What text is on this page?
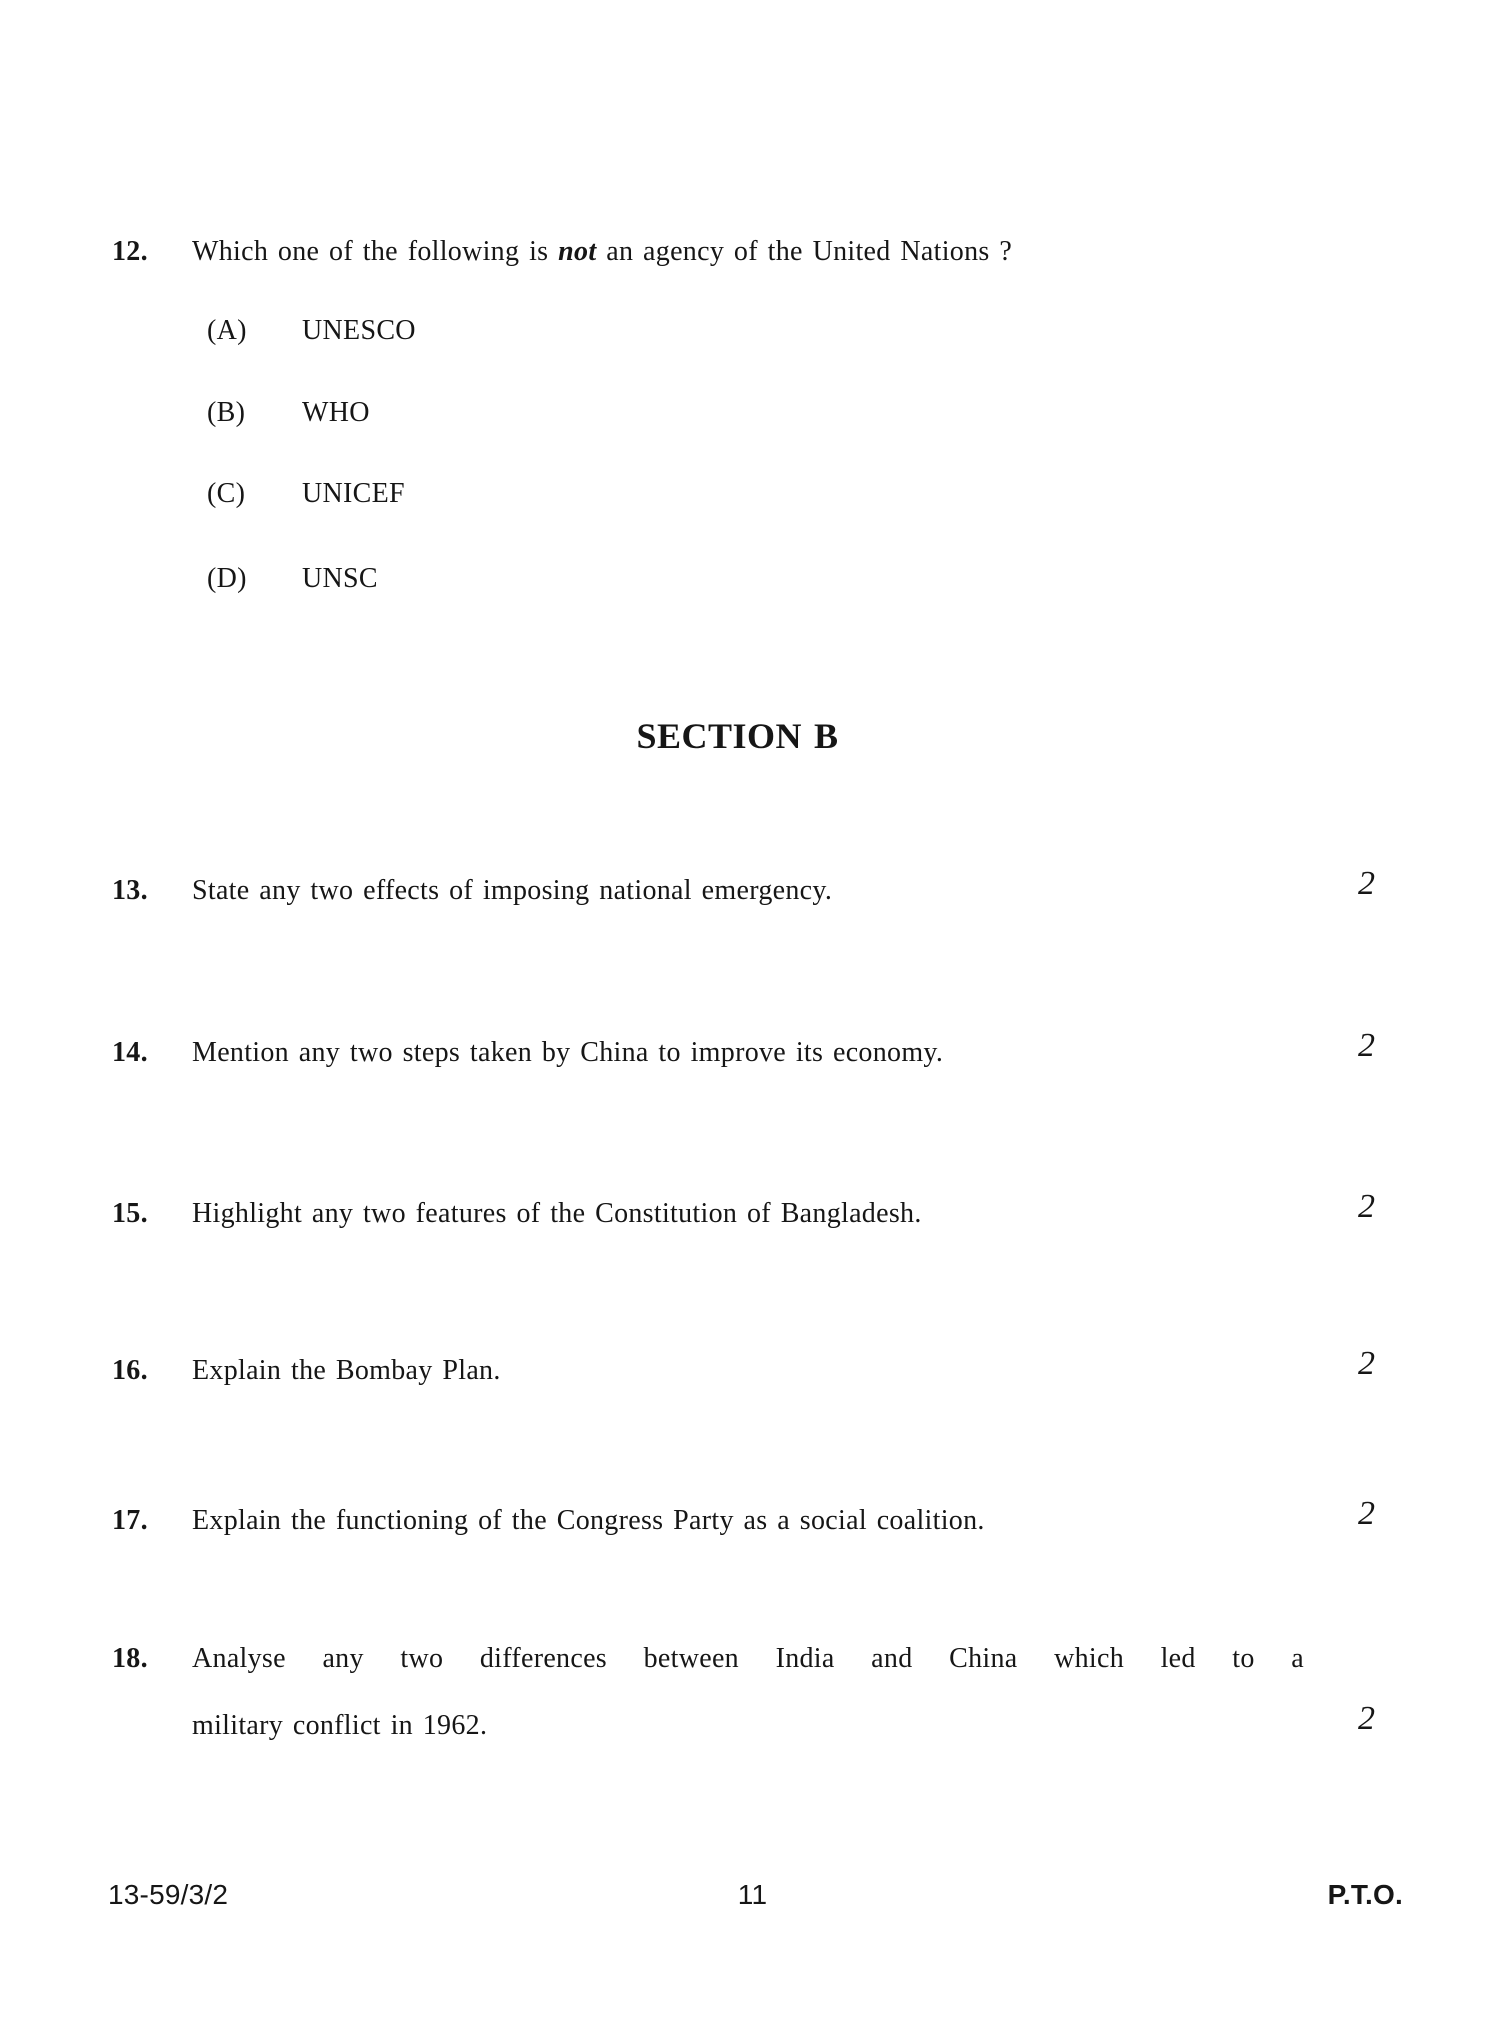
12. Which one of the following is not an agency of the United Nations ?
(A) UNESCO
(B) WHO
(C) UNICEF
(D) UNSC
SECTION B
13. State any two effects of imposing national emergency.	2
14. Mention any two steps taken by China to improve its economy.	2
15. Highlight any two features of the Constitution of Bangladesh.	2
16. Explain the Bombay Plan.	2
17. Explain the functioning of the Congress Party as a social coalition.	2
18. Analyse any two differences between India and China which led to a
military conflict in 1962.	2
13-59/3/2	11	P.T.O.
